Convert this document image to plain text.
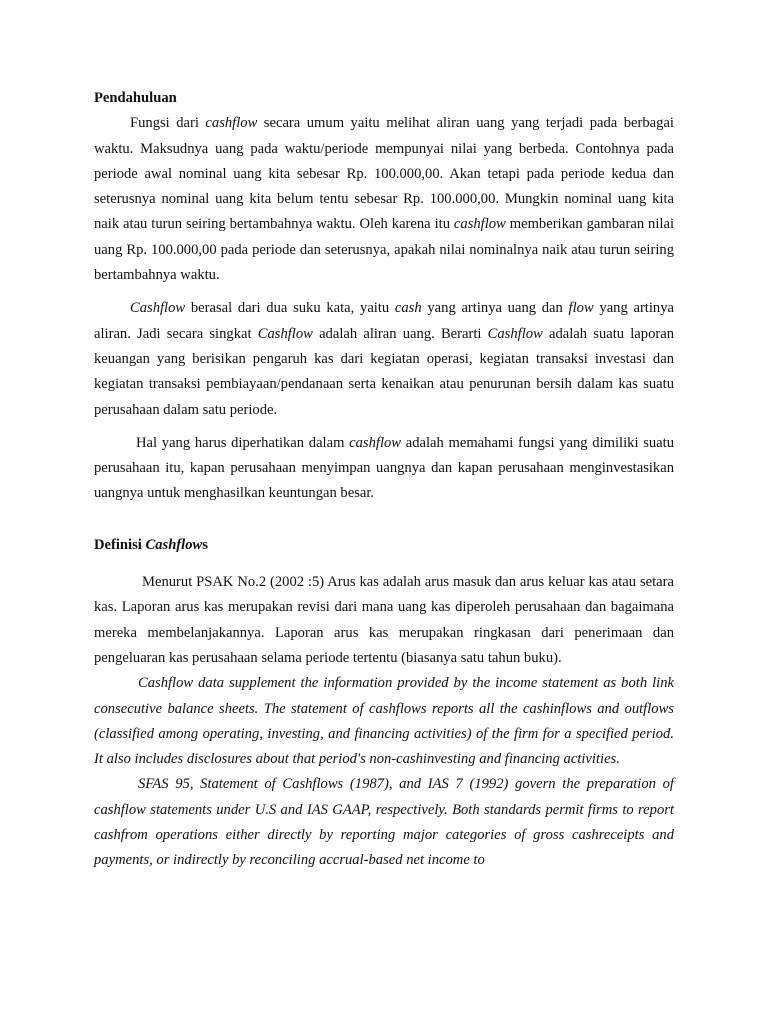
Pendahuluan

Fungsi dari cashflow secara umum yaitu melihat aliran uang yang terjadi pada berbagai waktu. Maksudnya uang pada waktu/periode mempunyai nilai yang berbeda. Contohnya pada periode awal nominal uang kita sebesar Rp. 100.000,00. Akan tetapi pada periode kedua dan seterusnya nominal uang kita belum tentu sebesar Rp. 100.000,00. Mungkin nominal uang kita naik atau turun seiring bertambahnya waktu. Oleh karena itu cashflow memberikan gambaran nilai uang Rp. 100.000,00 pada periode dan seterusnya, apakah nilai nominalnya naik atau turun seiring bertambahnya waktu.

Cashflow berasal dari dua suku kata, yaitu cash yang artinya uang dan flow yang artinya aliran. Jadi secara singkat Cashflow adalah aliran uang. Berarti Cashflow adalah suatu laporan keuangan yang berisikan pengaruh kas dari kegiatan operasi, kegiatan transaksi investasi dan kegiatan transaksi pembiayaan/pendanaan serta kenaikan atau penurunan bersih dalam kas suatu perusahaan dalam satu periode.

Hal yang harus diperhatikan dalam cashflow adalah memahami fungsi yang dimiliki suatu perusahaan itu, kapan perusahaan menyimpan uangnya dan kapan perusahaan menginvestasikan uangnya untuk menghasilkan keuntungan besar.

Definisi Cashflows

Menurut PSAK No.2 (2002 :5) Arus kas adalah arus masuk dan arus keluar kas atau setara kas. Laporan arus kas merupakan revisi dari mana uang kas diperoleh perusahaan dan bagaimana mereka membelanjakannya. Laporan arus kas merupakan ringkasan dari penerimaan dan pengeluaran kas perusahaan selama periode tertentu (biasanya satu tahun buku).

Cashflow data supplement the information provided by the income statement as both link consecutive balance sheets. The statement of cashflows reports all the cashinflows and outflows (classified among operating, investing, and financing activities) of the firm for a specified period. It also includes disclosures about that period's non-cashinvesting and financing activities.

SFAS 95, Statement of Cashflows (1987), and IAS 7 (1992) govern the preparation of cashflow statements under U.S and IAS GAAP, respectively. Both standards permit firms to report cashfrom operations either directly by reporting major categories of gross cashreceipts and payments, or indirectly by reconciling accrual-based net income to
